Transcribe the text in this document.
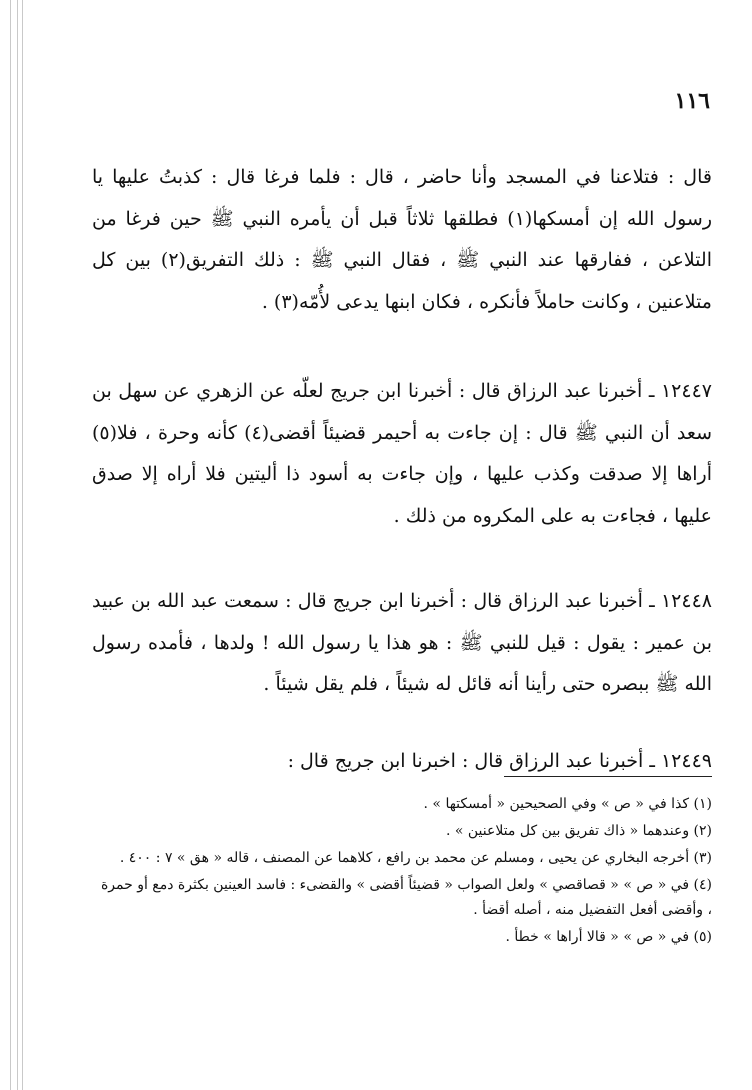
١١٦

قال : فتلاعنا في المسجد وأنا حاضر ، قال : فلما فرغا قال : كذبتُ عليها يا رسول الله إن أمسكها(١) فطلقها ثلاثاً قبل أن يأمره النبي ﷺ حين فرغا من التلاعن ، ففارقها عند النبي ﷺ ، فقال النبي ﷺ : ذلك التفريق(٢) بين كل متلاعنين ، وكانت حاملاً فأنكره ، فكان ابنها يدعى لأُمّه(٣) .

١٢٤٤٧ ـ أخبرنا عبد الرزاق قال : أخبرنا ابن جريج لعلّه عن الزهري عن سهل بن سعد أن النبي ﷺ قال : إن جاءت به أحيمر قضيئاً أقضى(٤) كأنه وحرة ، فلا(٥) أراها إلا صدقت وكذب عليها ، وإن جاءت به أسود ذا أليتين فلا أراه إلا صدق عليها ، فجاءت به على المكروه من ذلك .

١٢٤٤٨ ـ أخبرنا عبد الرزاق قال : أخبرنا ابن جريج قال : سمعت عبد الله بن عبيد بن عمير : يقول : قيل للنبي ﷺ : هو هذا يا رسول الله ! ولدها ، فأمده رسول الله ﷺ ببصره حتى رأينا أنه قائل له شيئاً ، فلم يقل شيئاً .

١٢٤٤٩ ـ أخبرنا عبد الرزاق قال : اخبرنا ابن جريج قال :

(١) كذا في « ص » وفي الصحيحين « أمسكتها » .

(٢) وعندهما « ذاك تفريق بين كل متلاعنين » .

(٣) أخرجه البخاري عن يحيى ، ومسلم عن محمد بن رافع ، كلاهما عن المصنف ، قاله « هق » ٧ : ٤٠٠ .

(٤) في « ص » « قصاقصي » ولعل الصواب « قضيئاً أقضى » والقضىء : فاسد العينين بكثرة دمع أو حمرة ، وأقضى أفعل التفضيل منه ، أصله أقضأ .

(٥) في « ص » « قالا أراها » خطأ .
